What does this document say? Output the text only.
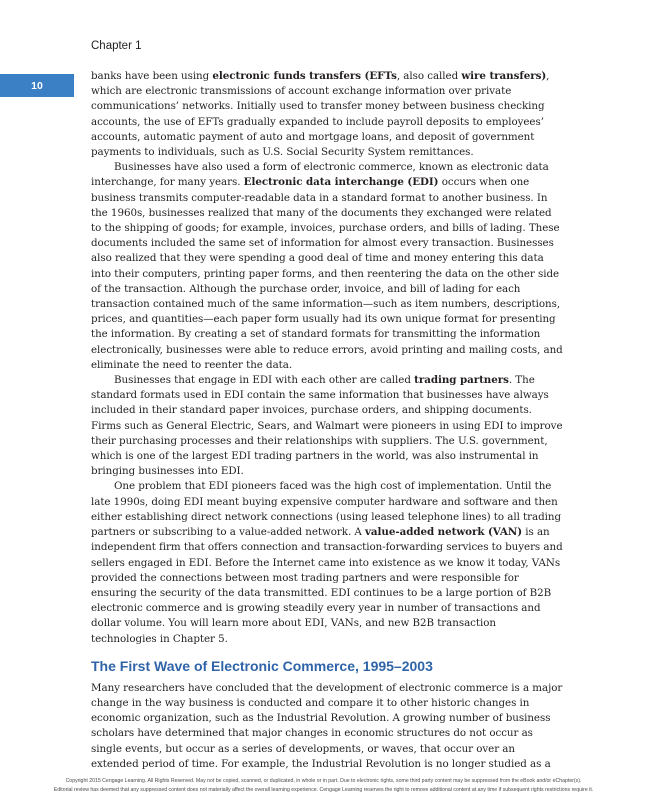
Chapter 1
10

banks have been using electronic funds transfers (EFTs, also called wire transfers), which are electronic transmissions of account exchange information over private communications’ networks. Initially used to transfer money between business checking accounts, the use of EFTs gradually expanded to include payroll deposits to employees’ accounts, automatic payment of auto and mortgage loans, and deposit of government payments to individuals, such as U.S. Social Security System remittances.

Businesses have also used a form of electronic commerce, known as electronic data interchange, for many years. Electronic data interchange (EDI) occurs when one business transmits computer-readable data in a standard format to another business. In the 1960s, businesses realized that many of the documents they exchanged were related to the shipping of goods; for example, invoices, purchase orders, and bills of lading. These documents included the same set of information for almost every transaction. Businesses also realized that they were spending a good deal of time and money entering this data into their computers, printing paper forms, and then reentering the data on the other side of the transaction. Although the purchase order, invoice, and bill of lading for each transaction contained much of the same information—such as item numbers, descriptions, prices, and quantities—each paper form usually had its own unique format for presenting the information. By creating a set of standard formats for transmitting the information electronically, businesses were able to reduce errors, avoid printing and mailing costs, and eliminate the need to reenter the data.

Businesses that engage in EDI with each other are called trading partners. The standard formats used in EDI contain the same information that businesses have always included in their standard paper invoices, purchase orders, and shipping documents. Firms such as General Electric, Sears, and Walmart were pioneers in using EDI to improve their purchasing processes and their relationships with suppliers. The U.S. government, which is one of the largest EDI trading partners in the world, was also instrumental in bringing businesses into EDI.

One problem that EDI pioneers faced was the high cost of implementation. Until the late 1990s, doing EDI meant buying expensive computer hardware and software and then either establishing direct network connections (using leased telephone lines) to all trading partners or subscribing to a value-added network. A value-added network (VAN) is an independent firm that offers connection and transaction-forwarding services to buyers and sellers engaged in EDI. Before the Internet came into existence as we know it today, VANs provided the connections between most trading partners and were responsible for ensuring the security of the data transmitted. EDI continues to be a large portion of B2B electronic commerce and is growing steadily every year in number of transactions and dollar volume. You will learn more about EDI, VANs, and new B2B transaction technologies in Chapter 5.

The First Wave of Electronic Commerce, 1995–2003

Many researchers have concluded that the development of electronic commerce is a major change in the way business is conducted and compare it to other historic changes in economic organization, such as the Industrial Revolution. A growing number of business scholars have determined that major changes in economic structures do not occur as single events, but occur as a series of developments, or waves, that occur over an extended period of time. For example, the Industrial Revolution is no longer studied as a

Copyright 2015 Cengage Learning. All Rights Reserved. May not be copied, scanned, or duplicated, in whole or in part. Due to electronic rights, some third party content may be suppressed from the eBook and/or eChapter(s).
Editorial review has deemed that any suppressed content does not materially affect the overall learning experience. Cengage Learning reserves the right to remove additional content at any time if subsequent rights restrictions require it.
